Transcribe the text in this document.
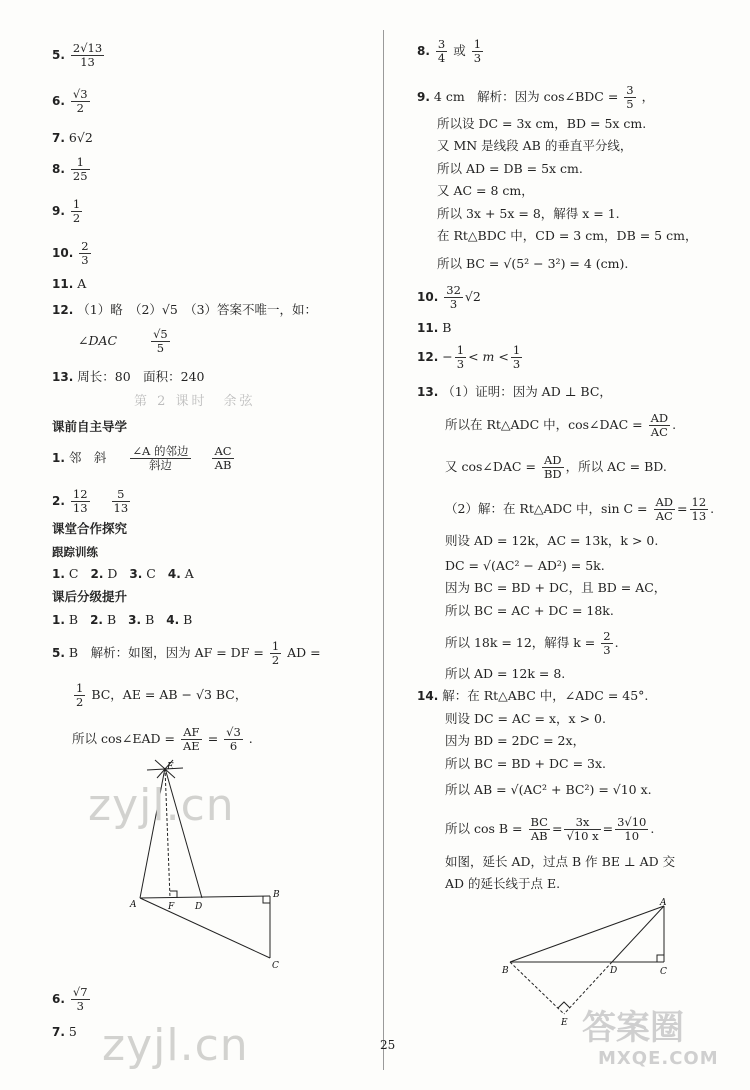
5. $\frac{2√13}{13}$
6. $\frac{√3}{2}$
7. 6√2
8. $\frac{1}{25}$
9. $\frac{1}{2}$
10. $\frac{2}{3}$
11. A
12. （1）略　（2）√5　（3）答案不唯一，如：
∠DAC	$\frac{√5}{5}$
13. 周长：80　面积：240
第 2 课时　余弦
课前自主导学
1. 邻　斜 $\frac{\text{∠A 的邻边}}{\text{斜边}}$
$\frac{AC}{AB}$
2. $\frac{12}{13}$
$\frac{5}{13}$
课堂合作探究
跟踪训练
1. C 2. D 3. C 4. A
课后分级提升
1. B 2. B 3. B 4. B
5. B　解析：如图，因为 AF = DF = $\frac{1}{2}$ AD =
$\frac{1}{2}$ BC，AE = AB − √3 BC，
所以 cos∠EAD = $\frac{AF}{AE} = \frac{√3}{6}$ .
E
A	F D
B
C
6. $\frac{√7}{3}$
7. 5
8. $\frac{3}{4}$ 或 $\frac{1}{3}$
9. 4 cm　解析：因为 cos∠BDC = $\frac{3}{5}$ ，
所以设 DC = 3x cm，BD = 5x cm.
又 MN 是线段 AB 的垂直平分线，
所以 AD = DB = 5x cm.
又 AC = 8 cm，
所以 3x + 5x = 8，解得 x = 1.
在 Rt△BDC 中，CD = 3 cm，DB = 5 cm，
所以 BC = √(5² − 3²) = 4 (cm).
10. $\frac{32}{3} √2$
11. B
12. − $\frac{1}{3} < m < \frac{1}{3}$
13. （1）证明：因为 AD ⊥ BC，
所以在 Rt△ADC 中，cos∠DAC = $\frac{AD}{AC}$ .
又 cos∠DAC = $\frac{AD}{BD}$ ，所以 AC = BD.
（2）解：在 Rt△ADC 中，$\sin C = \frac{AD}{AC} = \frac{12}{13}$ .
则设 AD = 12k，AC = 13k，k > 0.
DC = √(AC² − AD²) = 5k.
因为 BC = BD + DC，且 BD = AC，
所以 BC = AC + DC = 18k.
所以 18k = 12，解得 $k = \frac{2}{3}$ .
所以 AD = 12k = 8.
14. 解：在 Rt△ABC 中，∠ADC = 45°.
则设 DC = AC = x，x > 0.
因为 BD = 2DC = 2x，
所以 BC = BD + DC = 3x.
所以 AB = √(AC² + BC²) = √10 x.
所以 $\cos B = \frac{BC}{AB} = \frac{3x}{√10 x} = \frac{3√10}{10}$ .
如图，延长 AD，过点 B 作 BE ⊥ AD 交
AD 的延长线于点 E.
A
B	D	C
E
zyjl.cn
zyjl.cn	答案圈
MXQE.COM
25
